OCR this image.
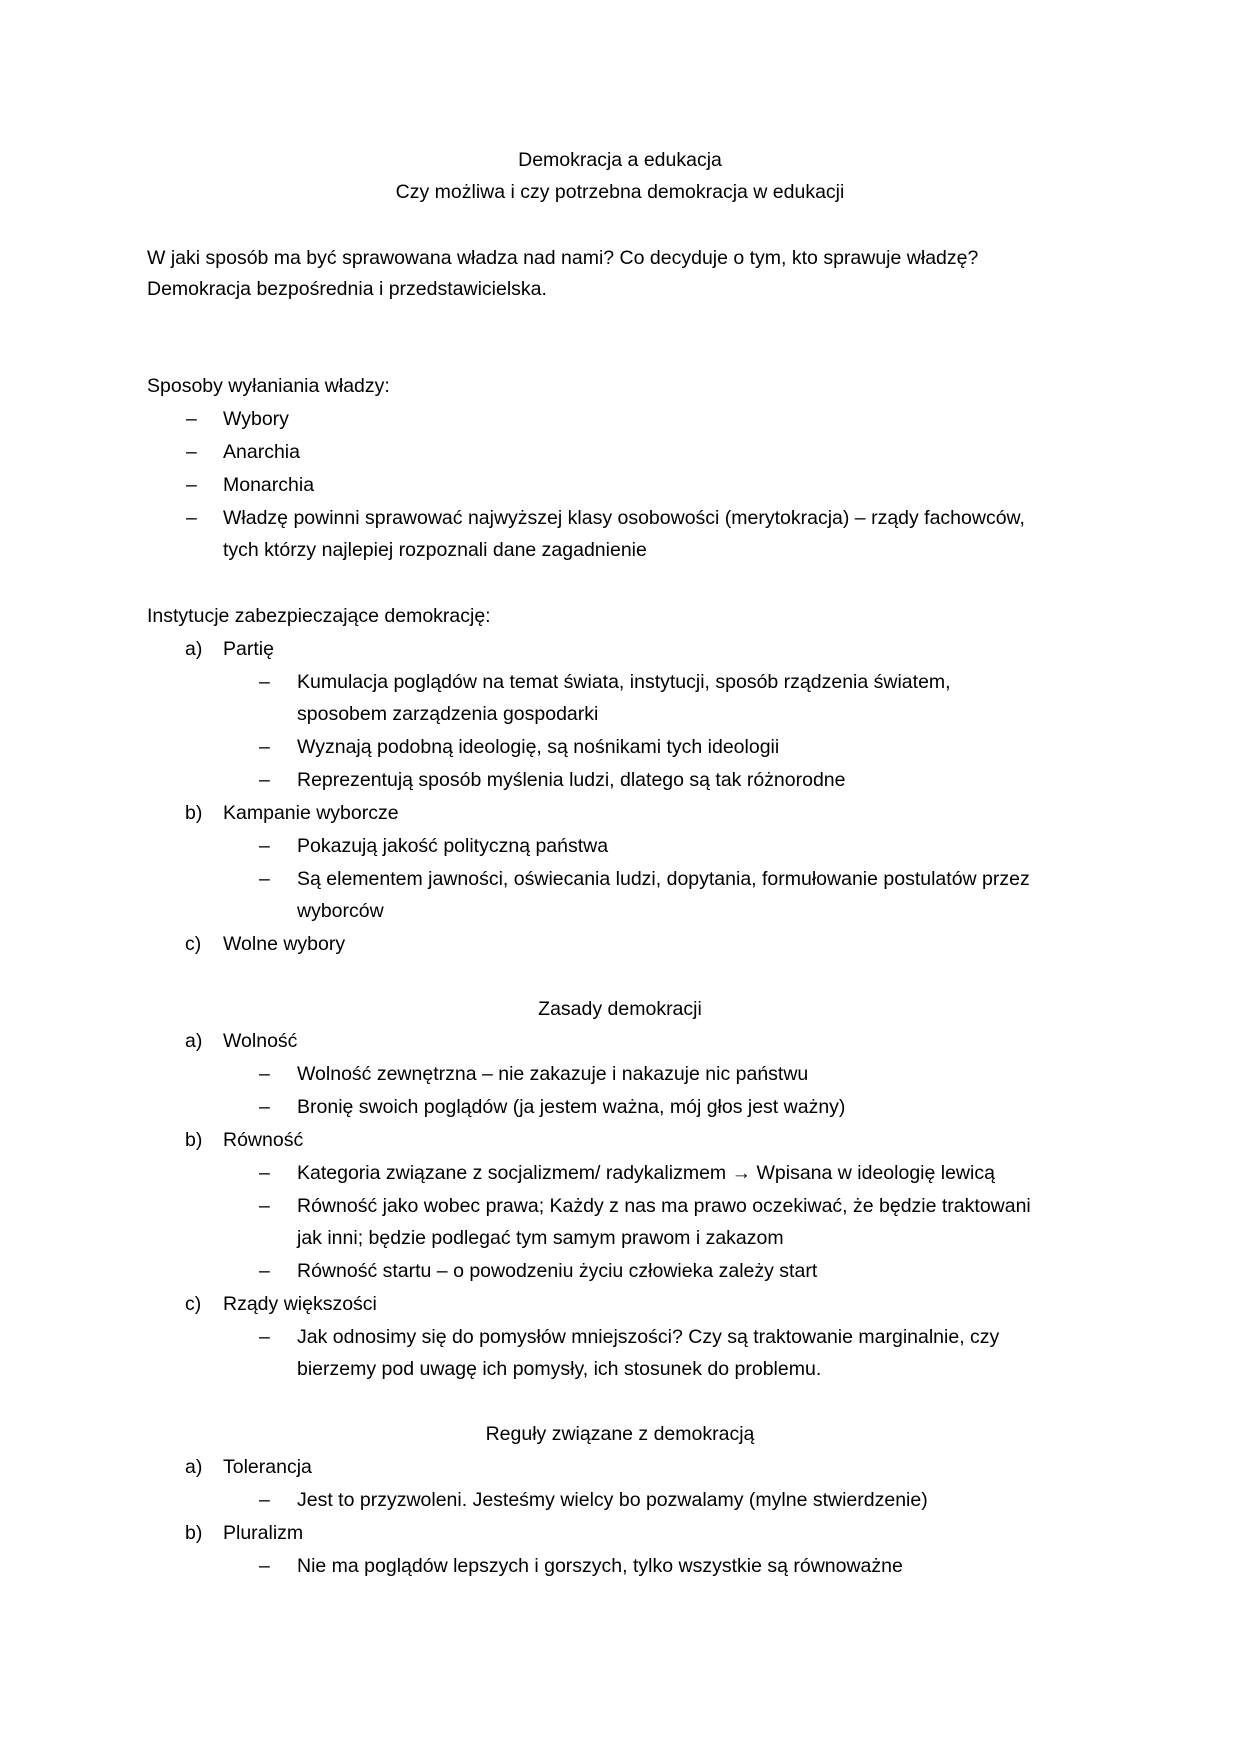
Demokracja a edukacja
Czy możliwa i czy potrzebna demokracja w edukacji
W jaki sposób ma być sprawowana władza nad nami? Co decyduje o tym, kto sprawuje władzę?
Demokracja bezpośrednia i przedstawicielska.
Sposoby wyłaniania władzy:
– Wybory
– Anarchia
– Monarchia
– Władzę powinni sprawować najwyższej klasy osobowości (merytokracja) – rządy fachowców,
tych którzy najlepiej rozpoznali dane zagadnienie
Instytucje zabezpieczające demokrację:
a) Partię
– Kumulacja poglądów na temat świata, instytucji, sposób rządzenia światem,
sposobem zarządzenia gospodarki
– Wyznają podobną ideologię, są nośnikami tych ideologii
– Reprezentują sposób myślenia ludzi, dlatego są tak różnorodne
b) Kampanie wyborcze
– Pokazują jakość polityczną państwa
– Są elementem jawności, oświecania ludzi, dopytania, formułowanie postulatów przez
wyborców
c) Wolne wybory
Zasady demokracji
a) Wolność
– Wolność zewnętrzna – nie zakazuje i nakazuje nic państwu
– Bronię swoich poglądów (ja jestem ważna, mój głos jest ważny)
b) Równość
– Kategoria związane z socjalizmem/ radykalizmem → Wpisana w ideologię lewicą
– Równość jako wobec prawa; Każdy z nas ma prawo oczekiwać, że będzie traktowani
jak inni; będzie podlegać tym samym prawom i zakazom
– Równość startu – o powodzeniu życiu człowieka zależy start
c) Rządy większości
– Jak odnosimy się do pomysłów mniejszości? Czy są traktowanie marginalnie, czy
bierzemy pod uwagę ich pomysły, ich stosunek do problemu.
Reguły związane z demokracją
a) Tolerancja
– Jest to przyzwoleni. Jesteśmy wielcy bo pozwalamy (mylne stwierdzenie)
b) Pluralizm
– Nie ma poglądów lepszych i gorszych, tylko wszystkie są równoważne
